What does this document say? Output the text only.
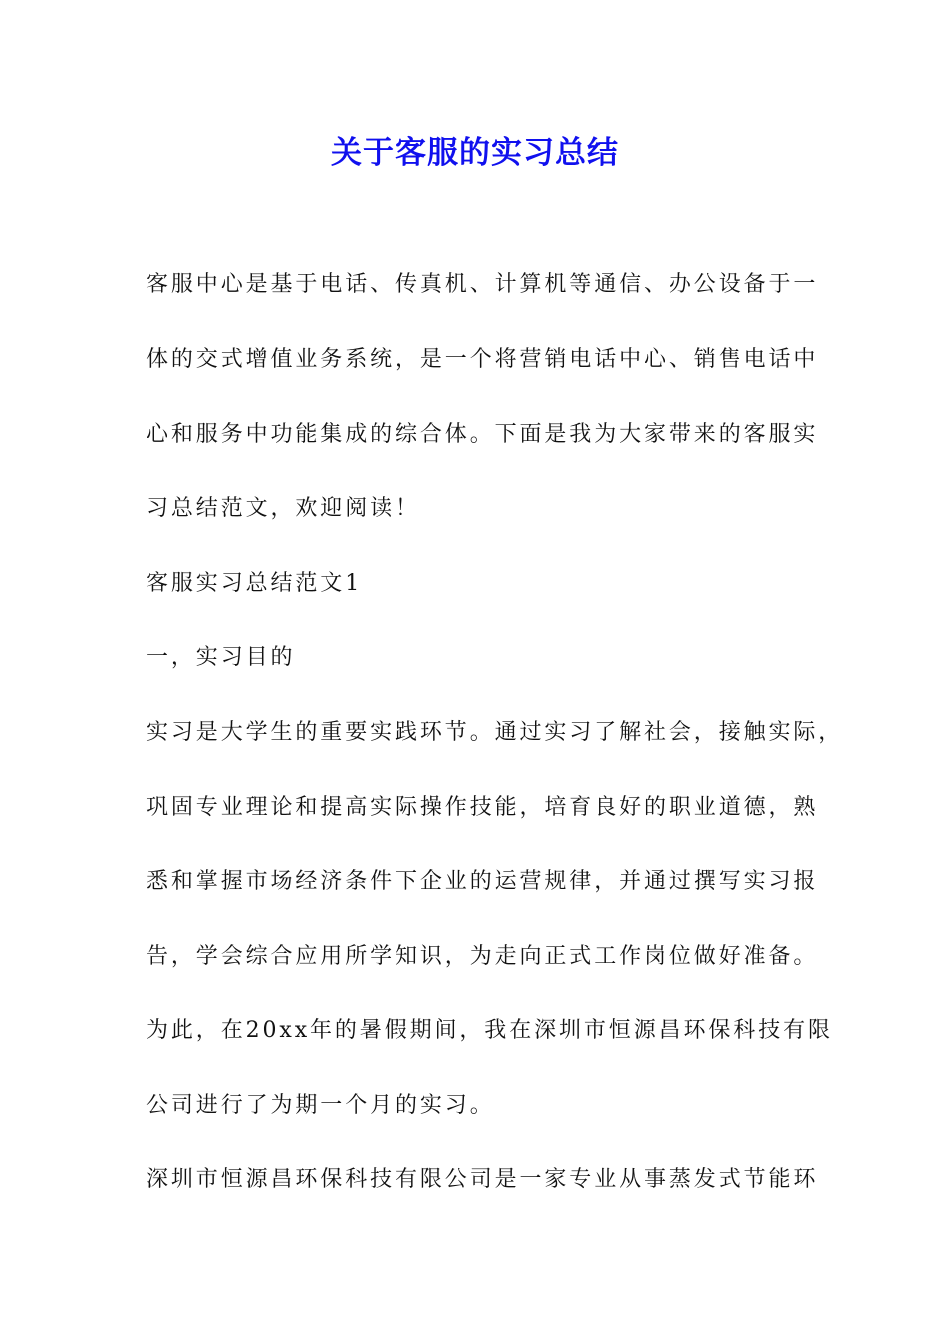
关于客服的实习总结

客服中心是基于电话、传真机、计算机等通信、办公设备于一

体的交式增值业务系统，是一个将营销电话中心、销售电话中

心和服务中功能集成的综合体。下面是我为大家带来的客服实

习总结范文，欢迎阅读！

客服实习总结范文1

一，实习目的

实习是大学生的重要实践环节。通过实习了解社会，接触实际，

巩固专业理论和提高实际操作技能，培育良好的职业道德，熟

悉和掌握市场经济条件下企业的运营规律，并通过撰写实习报

告，学会综合应用所学知识，为走向正式工作岗位做好准备。

为此，在20xx年的暑假期间，我在深圳市恒源昌环保科技有限

公司进行了为期一个月的实习。

深圳市恒源昌环保科技有限公司是一家专业从事蒸发式节能环
